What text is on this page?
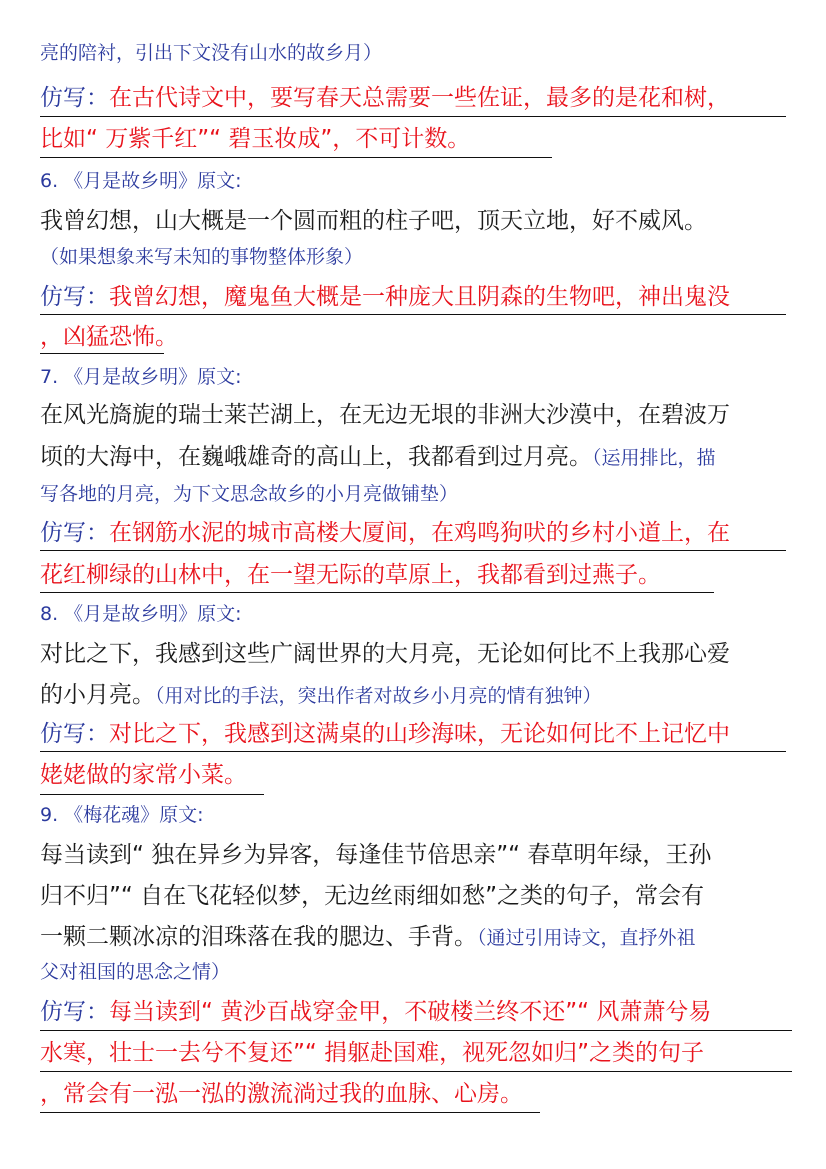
亮的陪衬，引出下文没有山水的故乡月）
仿写：在古代诗文中，要写春天总需要一些佐证，最多的是花和树，
比如“ 万紫千红”“ 碧玉妆成”，不可计数。
6. 《月是故乡明》原文:
我曾幻想，山大概是一个圆而粗的柱子吧，顶天立地，好不威风。
（如果想象来写未知的事物整体形象）
仿写：我曾幻想，魔鬼鱼大概是一种庞大且阴森的生物吧，神出鬼没
，凶猛恐怖。
7. 《月是故乡明》原文:
在风光旖旎的瑞士莱芒湖上，在无边无垠的非洲大沙漠中，在碧波万
顷的大海中，在巍峨雄奇的高山上，我都看到过月亮。（运用排比，描
写各地的月亮，为下文思念故乡的小月亮做铺垫）
仿写：在钢筋水泥的城市高楼大厦间，在鸡鸣狗吠的乡村小道上，在
花红柳绿的山林中，在一望无际的草原上，我都看到过燕子。
8. 《月是故乡明》原文:
对比之下，我感到这些广阔世界的大月亮，无论如何比不上我那心爱
的小月亮。（用对比的手法，突出作者对故乡小月亮的情有独钟）
仿写：对比之下，我感到这满桌的山珍海味，无论如何比不上记忆中
姥姥做的家常小菜。
9. 《梅花魂》原文:
每当读到“ 独在异乡为异客，每逢佳节倍思亲”“ 春草明年绿，王孙
归不归”“ 自在飞花轻似梦，无边丝雨细如愁”之类的句子，常会有
一颗二颗冰凉的泪珠落在我的腮边、手背。（通过引用诗文，直抒外祖
父对祖国的思念之情）
仿写：每当读到“ 黄沙百战穿金甲，不破楼兰终不还”“ 风萧萧兮易
水寒，壮士一去兮不复还”“ 捐躯赴国难，视死忽如归”之类的句子
，常会有一泓一泓的激流淌过我的血脉、心房。
